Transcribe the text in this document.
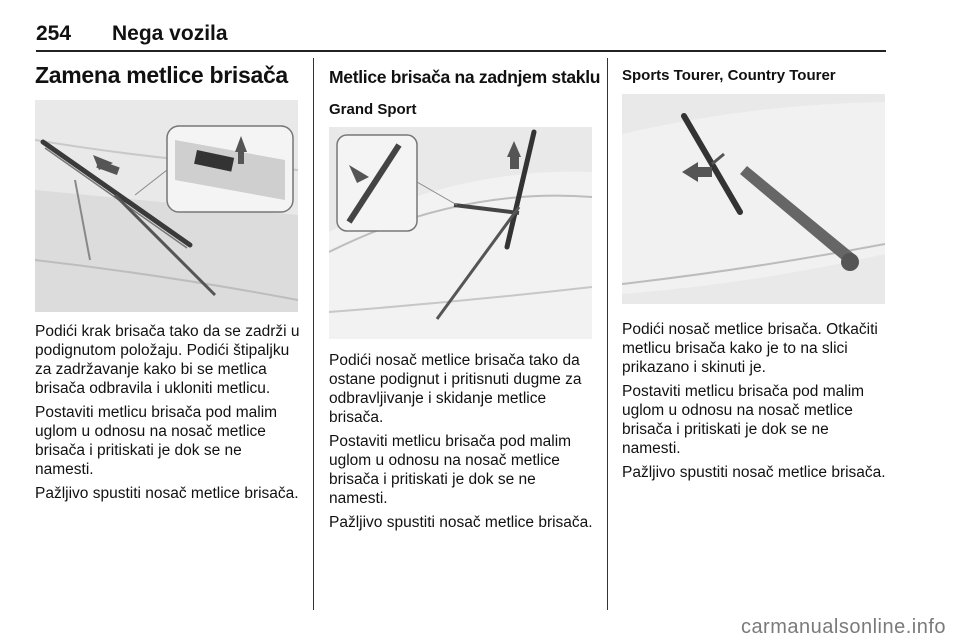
254 Nega vozila
Zamena metlice brisača

Podići krak brisača tako da se zadrži u podignutom položaju. Podići štipaljku za zadržavanje kako bi se metlica brisača odbravila i ukloniti metlicu.

Postaviti metlicu brisača pod malim uglom u odnosu na nosač metlice brisača i pritiskati je dok se ne namesti.

Pažljivo spustiti nosač metlice brisača.

Metlice brisača na zadnjem staklu
Grand Sport

Podići nosač metlice brisača tako da ostane podignut i pritisnuti dugme za odbravljivanje i skidanje metlice brisača.

Postaviti metlicu brisača pod malim uglom u odnosu na nosač metlice brisača i pritiskati je dok se ne namesti.

Pažljivo spustiti nosač metlice brisača.

Sports Tourer, Country Tourer

Podići nosač metlice brisača. Otkačiti metlicu brisača kako je to na slici prikazano i skinuti je.

Postaviti metlicu brisača pod malim uglom u odnosu na nosač metlice brisača i pritiskati je dok se ne namesti.

Pažljivo spustiti nosač metlice brisača.

carmanualsonline.info
